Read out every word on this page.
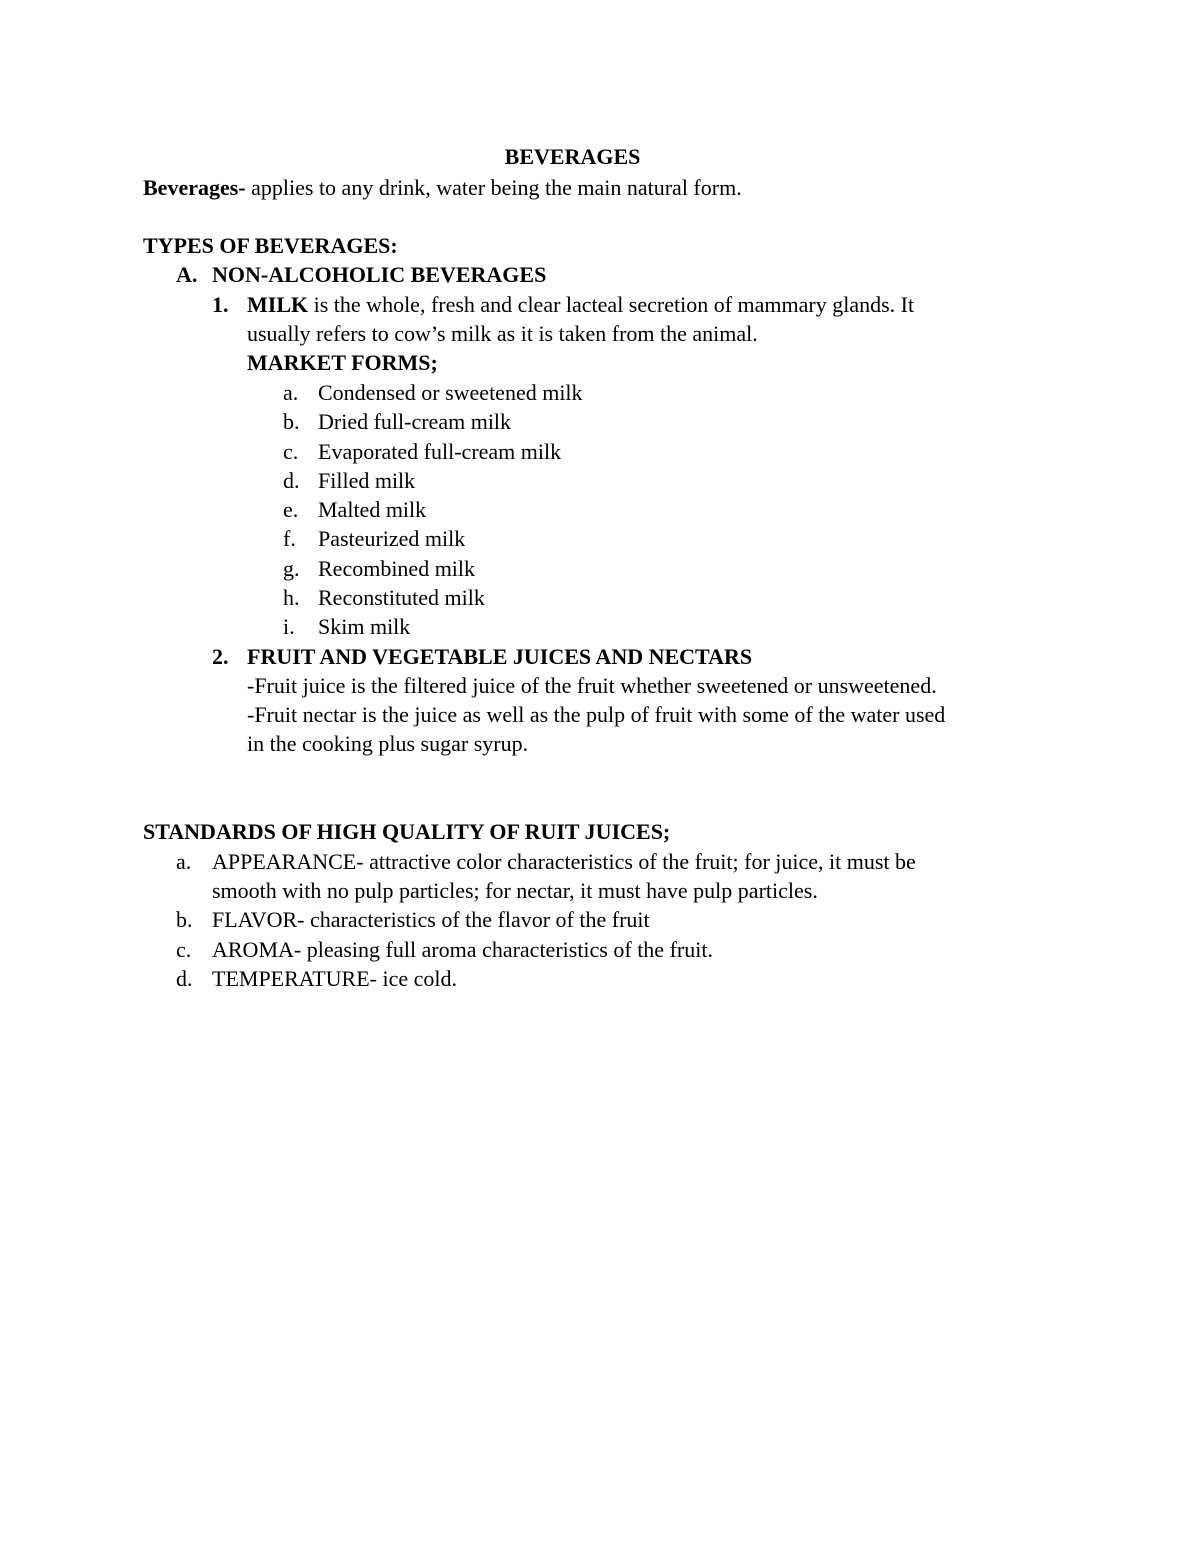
BEVERAGES
Beverages- applies to any drink, water being the main natural form.
TYPES OF BEVERAGES:
A. NON-ALCOHOLIC BEVERAGES
1. MILK is the whole, fresh and clear lacteal secretion of mammary glands. It
usually refers to cow’s milk as it is taken from the animal.
MARKET FORMS;
a. Condensed or sweetened milk
b. Dried full-cream milk
c. Evaporated full-cream milk
d. Filled milk
e. Malted milk
f. Pasteurized milk
g. Recombined milk
h. Reconstituted milk
i. Skim milk
2. FRUIT AND VEGETABLE JUICES AND NECTARS
-Fruit juice is the filtered juice of the fruit whether sweetened or unsweetened.
-Fruit nectar is the juice as well as the pulp of fruit with some of the water used
in the cooking plus sugar syrup.
STANDARDS OF HIGH QUALITY OF RUIT JUICES;
a. APPEARANCE- attractive color characteristics of the fruit; for juice, it must be
smooth with no pulp particles; for nectar, it must have pulp particles.
b. FLAVOR- characteristics of the flavor of the fruit
c. AROMA- pleasing full aroma characteristics of the fruit.
d. TEMPERATURE- ice cold.
